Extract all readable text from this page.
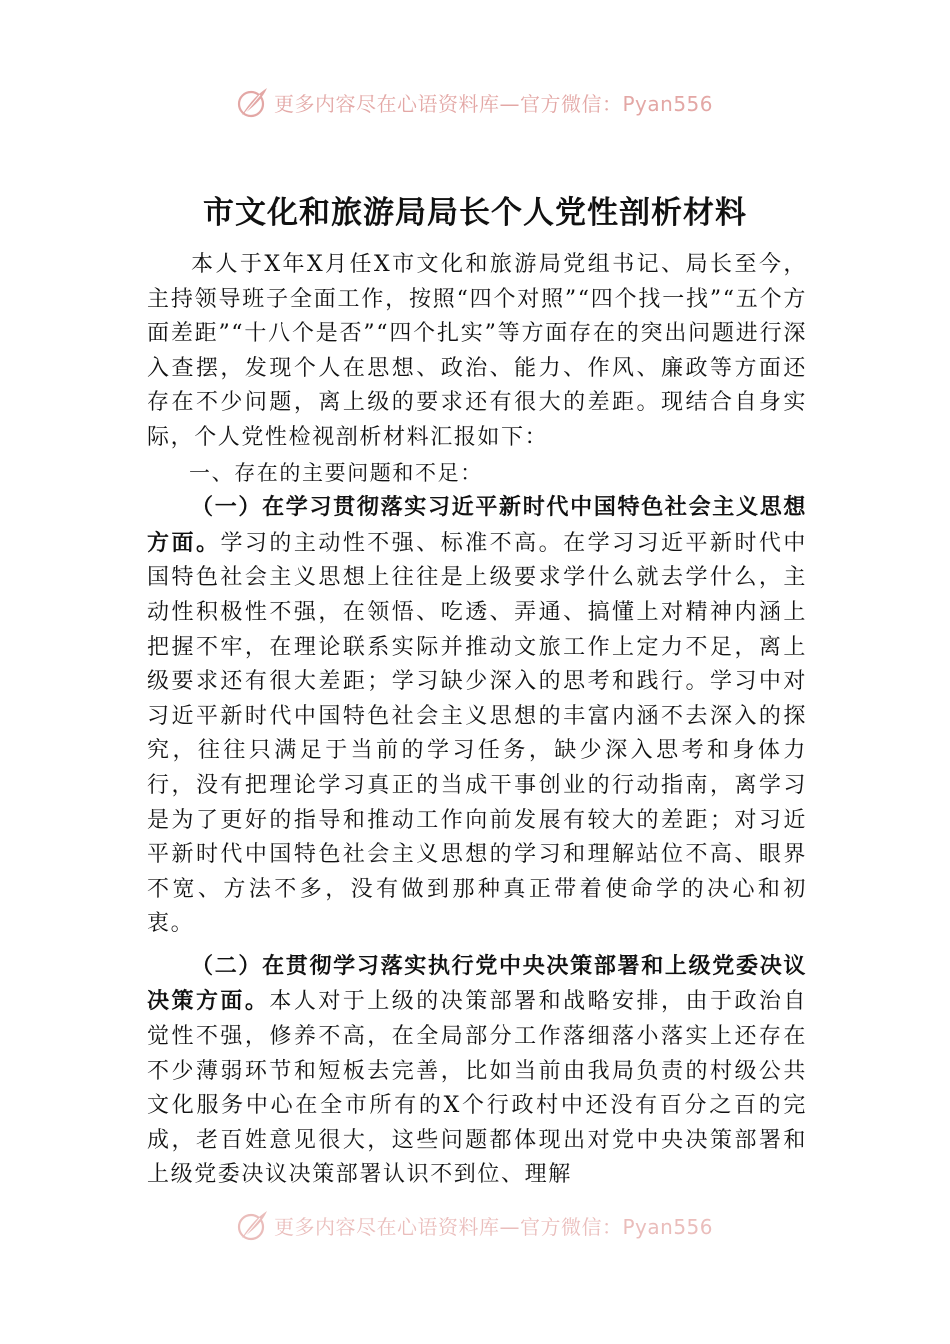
更多内容尽在心语资料库—官方微信：Pyan556
市文化和旅游局局长个人党性剖析材料

本人于X年X月任X市文化和旅游局党组书记、局长至今，主持领导班子全面工作，按照“四个对照”“四个找一找”“五个方面差距”“十八个是否”“四个扎实”等方面存在的突出问题进行深入查摆，发现个人在思想、政治、能力、作风、廉政等方面还存在不少问题，离上级的要求还有很大的差距。现结合自身实际，个人党性检视剖析材料汇报如下：

一、存在的主要问题和不足：

（一）在学习贯彻落实习近平新时代中国特色社会主义思想方面。学习的主动性不强、标准不高。在学习习近平新时代中国特色社会主义思想上往往是上级要求学什么就去学什么，主动性积极性不强，在领悟、吃透、弄通、搞懂上对精神内涵上把握不牢，在理论联系实际并推动文旅工作上定力不足，离上级要求还有很大差距；学习缺少深入的思考和践行。学习中对习近平新时代中国特色社会主义思想的丰富内涵不去深入的探究，往往只满足于当前的学习任务，缺少深入思考和身体力行，没有把理论学习真正的当成干事创业的行动指南，离学习是为了更好的指导和推动工作向前发展有较大的差距；对习近平新时代中国特色社会主义思想的学习和理解站位不高、眼界不宽、方法不多，没有做到那种真正带着使命学的决心和初衷。

（二）在贯彻学习落实执行党中央决策部署和上级党委决议决策方面。本人对于上级的决策部署和战略安排，由于政治自觉性不强，修养不高，在全局部分工作落细落小落实上还存在不少薄弱环节和短板去完善，比如当前由我局负责的村级公共文化服务中心在全市所有的X个行政村中还没有百分之百的完成，老百姓意见很大，这些问题都体现出对党中央决策部署和上级党委决议决策部署认识不到位、理解

更多内容尽在心语资料库—官方微信：Pyan556
